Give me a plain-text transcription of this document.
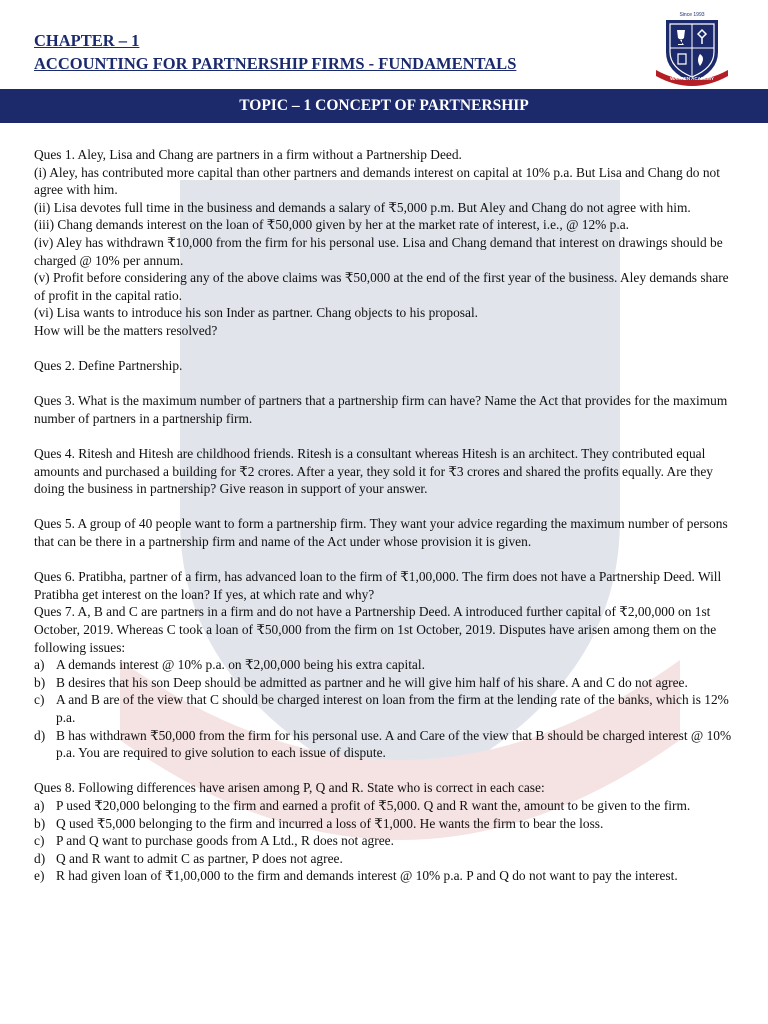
CHAPTER – 1
ACCOUNTING FOR PARTNERSHIP FIRMS - FUNDAMENTALS
Since 1993
WARREN ACADEMY
TOPIC – 1 CONCEPT OF PARTNERSHIP

Ques 1. Aley, Lisa and Chang are partners in a firm without a Partnership Deed.

(i) Aley, has contributed more capital than other partners and demands interest on capital at 10% p.a. But Lisa and Chang do not agree with him.

(ii) Lisa devotes full time in the business and demands a salary of ₹5,000 p.m. But Aley and Chang do not agree with him.

(iii) Chang demands interest on the loan of ₹50,000 given by her at the market rate of interest, i.e., @ 12% p.a.

(iv) Aley has withdrawn ₹10,000 from the firm for his personal use. Lisa and Chang demand that interest on drawings should be charged @ 10% per annum.

(v) Profit before considering any of the above claims was ₹50,000 at the end of the first year of the business. Aley demands share of profit in the capital ratio.

(vi) Lisa wants to introduce his son Inder as partner. Chang objects to his proposal.

How will be the matters resolved?

Ques 2. Define Partnership.

Ques 3. What is the maximum number of partners that a partnership firm can have? Name the Act that provides for the maximum number of partners in a partnership firm.

Ques 4. Ritesh and Hitesh are childhood friends. Ritesh is a consultant whereas Hitesh is an architect. They contributed equal amounts and purchased a building for ₹2 crores. After a year, they sold it for ₹3 crores and shared the profits equally. Are they doing the business in partnership? Give reason in support of your answer.

Ques 5. A group of 40 people want to form a partnership firm. They want your advice regarding the maximum number of persons that can be there in a partnership firm and name of the Act under whose provision it is given.

Ques 6. Pratibha, partner of a firm, has advanced loan to the firm of ₹1,00,000. The firm does not have a Partnership Deed. Will Pratibha get interest on the loan? If yes, at which rate and why?

Ques 7. A, B and C are partners in a firm and do not have a Partnership Deed. A introduced further capital of ₹2,00,000 on 1st October, 2019. Whereas C took a loan of ₹50,000 from the firm on 1st October, 2019. Disputes have arisen among them on the following issues:

a) A demands interest @ 10% p.a. on ₹2,00,000 being his extra capital.
b) B desires that his son Deep should be admitted as partner and he will give him half of his share. A and C do not agree.
c) A and B are of the view that C should be charged interest on loan from the firm at the lending rate of the banks, which is 12% p.a.
d) B has withdrawn ₹50,000 from the firm for his personal use. A and Care of the view that B should be charged interest @ 10% p.a. You are required to give solution to each issue of dispute.

Ques 8. Following differences have arisen among P, Q and R. State who is correct in each case:

a) P used ₹20,000 belonging to the firm and earned a profit of ₹5,000. Q and R want the, amount to be given to the firm.
b) Q used ₹5,000 belonging to the firm and incurred a loss of ₹1,000. He wants the firm to bear the loss.
c) P and Q want to purchase goods from A Ltd., R does not agree.
d) Q and R want to admit C as partner, P does not agree.
e) R had given loan of ₹1,00,000 to the firm and demands interest @ 10% p.a. P and Q do not want to pay the interest.
